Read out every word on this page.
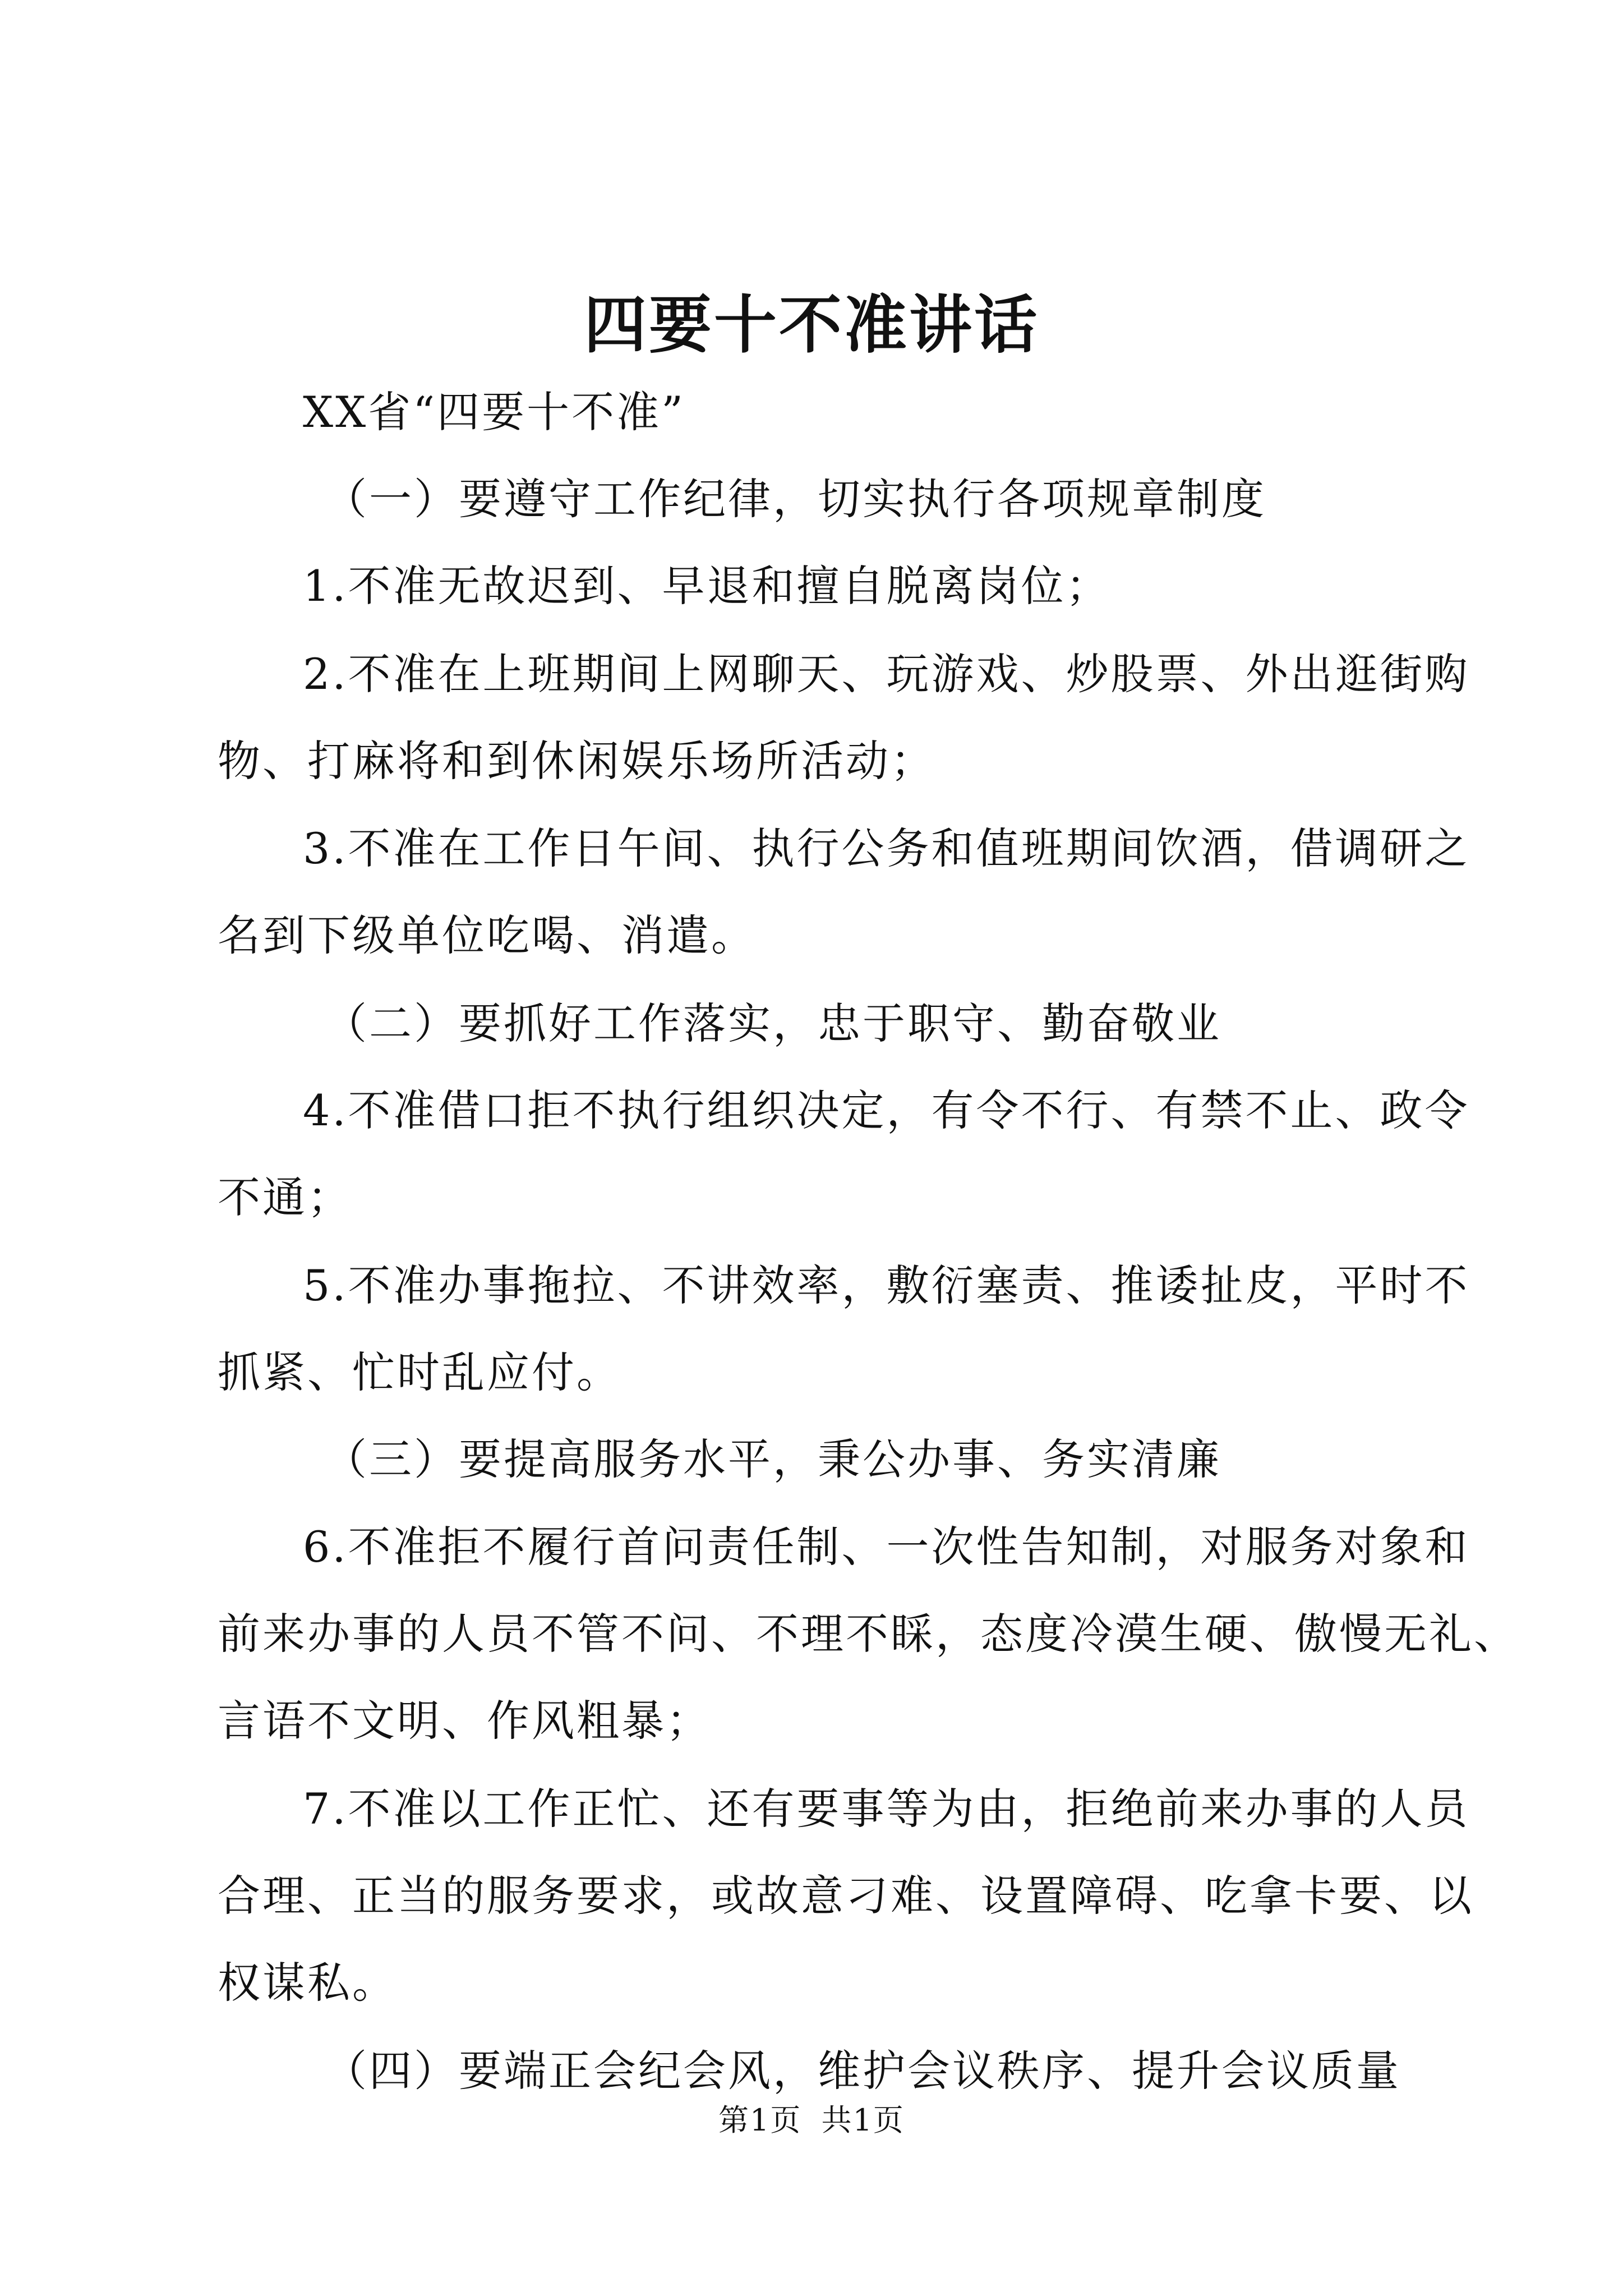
四要十不准讲话
XX省“四要十不准”
（一）要遵守工作纪律，切实执行各项规章制度
1.不准无故迟到、早退和擅自脱离岗位；
2.不准在上班期间上网聊天、玩游戏、炒股票、外出逛街购
物、打麻将和到休闲娱乐场所活动；
3.不准在工作日午间、执行公务和值班期间饮酒，借调研之
名到下级单位吃喝、消遣。
（二）要抓好工作落实，忠于职守、勤奋敬业
4.不准借口拒不执行组织决定，有令不行、有禁不止、政令
不通；
5.不准办事拖拉、不讲效率，敷衍塞责、推诿扯皮，平时不
抓紧、忙时乱应付。
（三）要提高服务水平，秉公办事、务实清廉
6.不准拒不履行首问责任制、一次性告知制，对服务对象和
前来办事的人员不管不问、不理不睬，态度冷漠生硬、傲慢无礼、
言语不文明、作风粗暴；
7.不准以工作正忙、还有要事等为由，拒绝前来办事的人员
合理、正当的服务要求，或故意刁难、设置障碍、吃拿卡要、以
权谋私。
（四）要端正会纪会风，维护会议秩序、提升会议质量
第1页 共1页
